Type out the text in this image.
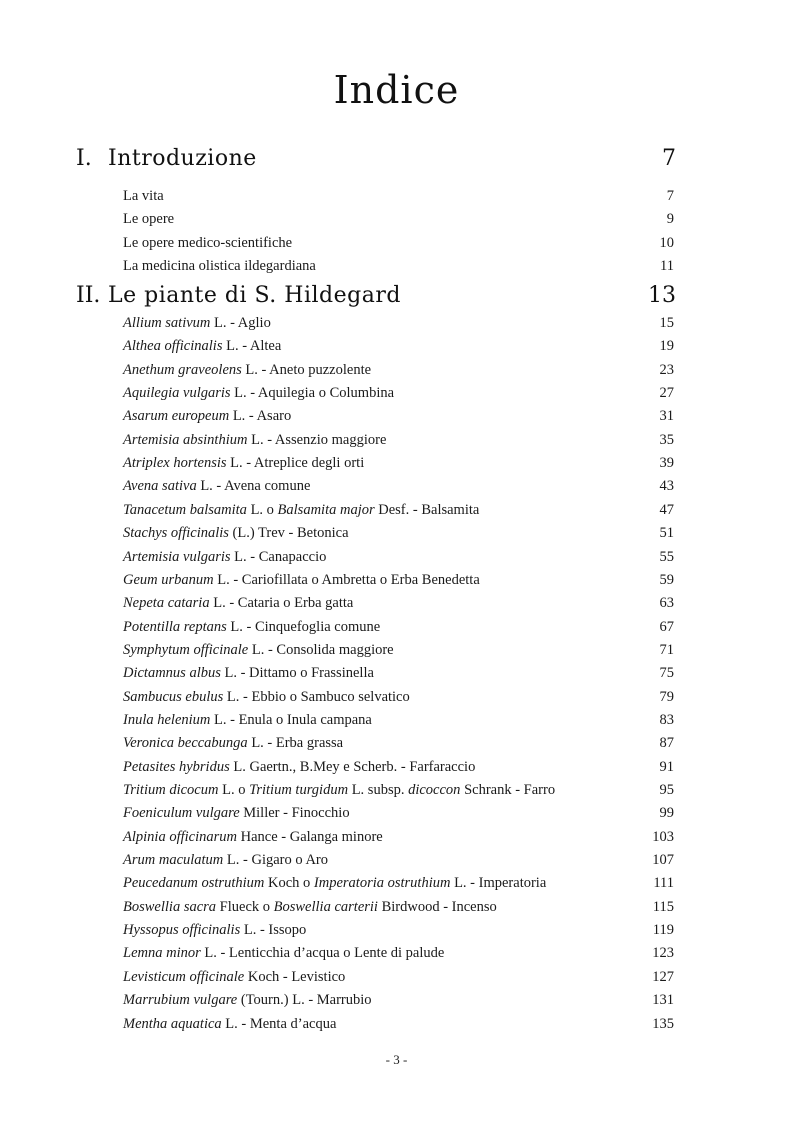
Indice
I. Introduzione	7
La vita	7
Le opere	9
Le opere medico-scientifiche	10
La medicina olistica ildegardiana	11
II. Le piante di S. Hildegard	13
Allium sativum L. - Aglio	15
Althea officinalis L. - Altea	19
Anethum graveolens L. - Aneto puzzolente	23
Aquilegia vulgaris L. - Aquilegia o Columbina	27
Asarum europeum L. - Asaro	31
Artemisia absinthium L. - Assenzio maggiore	35
Atriplex hortensis L. - Atreplice degli orti	39
Avena sativa L. - Avena comune	43
Tanacetum balsamita L. o Balsamita major Desf. - Balsamita	47
Stachys officinalis (L.) Trev - Betonica	51
Artemisia vulgaris L. - Canapaccio	55
Geum urbanum L. - Cariofillata o Ambretta o Erba Benedetta	59
Nepeta cataria L. - Cataria o Erba gatta	63
Potentilla reptans L. - Cinquefoglia comune	67
Symphytum officinale L. - Consolida maggiore	71
Dictamnus albus L. - Dittamo o Frassinella	75
Sambucus ebulus L. - Ebbio o Sambuco selvatico	79
Inula helenium L. - Enula o Inula campana	83
Veronica beccabunga L. - Erba grassa	87
Petasites hybridus L. Gaertn., B.Mey e Scherb. - Farfaraccio	91
Tritium dicocum L. o Tritium turgidum L. subsp. dicoccon Schrank - Farro	95
Foeniculum vulgare Miller - Finocchio	99
Alpinia officinarum Hance - Galanga minore	103
Arum maculatum L. - Gigaro o Aro	107
Peucedanum ostruthium Koch o Imperatoria ostruthium L. - Imperatoria	111
Boswellia sacra Flueck o Boswellia carterii Birdwood - Incenso	115
Hyssopus officinalis L. - Issopo	119
Lemna minor L. - Lenticchia d’acqua o Lente di palude	123
Levisticum officinale Koch - Levistico	127
Marrubium vulgare (Tourn.) L. - Marrubio	131
Mentha aquatica L. - Menta d’acqua	135
- 3 -
